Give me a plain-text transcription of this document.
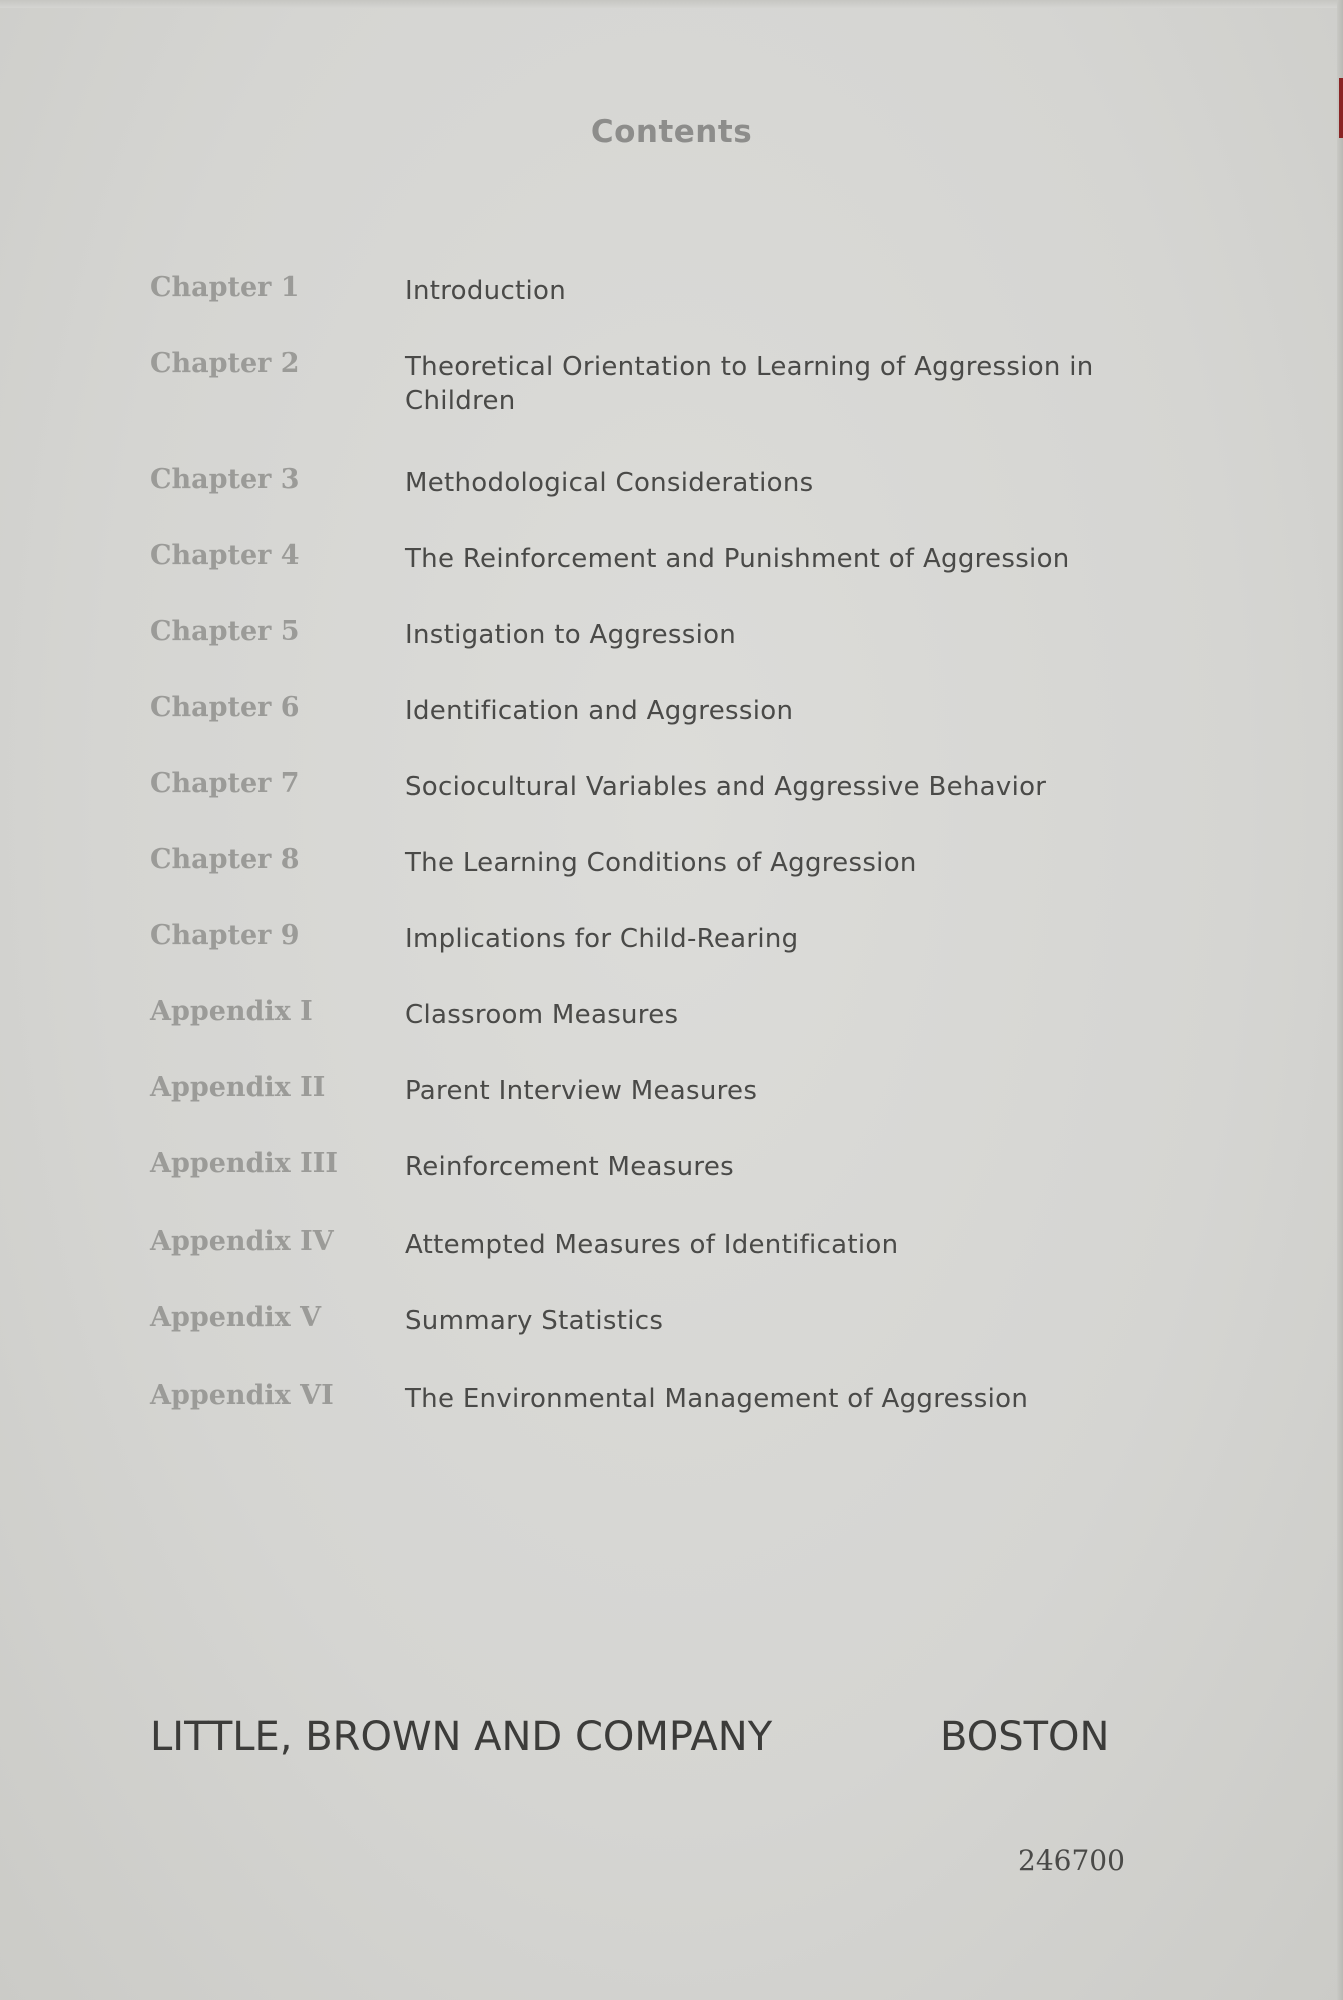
Contents
Chapter 1	Introduction
Chapter 2	Theoretical Orientation to Learning of Aggression in Children
Chapter 3	Methodological Considerations
Chapter 4	The Reinforcement and Punishment of Aggression
Chapter 5	Instigation to Aggression
Chapter 6	Identification and Aggression
Chapter 7	Sociocultural Variables and Aggressive Behavior
Chapter 8	The Learning Conditions of Aggression
Chapter 9	Implications for Child-Rearing
Appendix I	Classroom Measures
Appendix II	Parent Interview Measures
Appendix III	Reinforcement Measures
Appendix IV	Attempted Measures of Identification
Appendix V	Summary Statistics
Appendix VI	The Environmental Management of Aggression
LITTLE, BROWN AND COMPANY	BOSTON
246700
